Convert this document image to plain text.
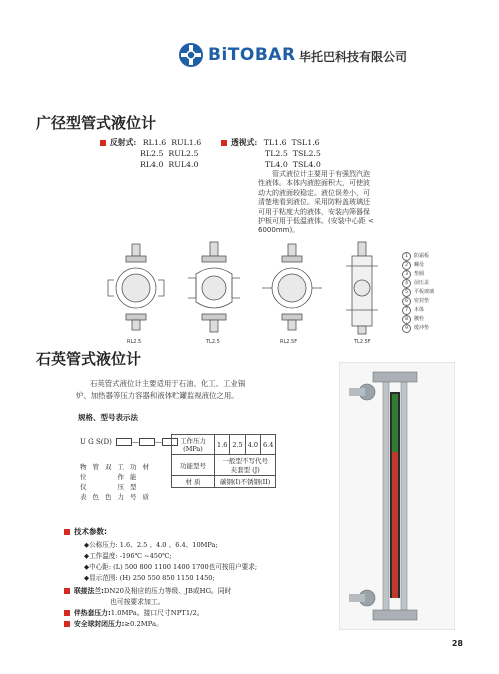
BiTOBAR 毕托巴科技有限公司
广径型管式液位计
反射式: RL1.6 RUL1.6
RL2.5 RUL2.5
RL4.0 RUL4.0
透视式: TL1.6 TSL1.6
TL2.5 TSL2.5
TL4.0 TSL4.0
管式液位计主要用于有强烈汽泡
性液体。本体内液腔面积大，可使波
动大的液面较稳定。液位误差小，可
清楚地看到液位。采用防粉盖玻璃还
可用于粘度大的液体，安装内筛器保
护板可用于低温液体。(安装中心距 <
6000mm)。
RL2.5	TL2.5	RL2.5F	TL2.5F
1 防霜板
2 螺母
3 垫圈
4 前压盖
5 平板玻璃
6 密封垫
7 本体
8 腰栓
9 缓冲垫
石英管式液位计
石英管式液位计主要适用于石油、化工、工业锅
炉、加热器等压力容器和液体贮罐监视液位之用。
规格、型号表示法
U G S(D)	— —
物
位
仪
表
管

色
双

色
工
作
压
力
功
能
型
号
材

质
工作压力 (MPa)	1.6	2.5	4.0	6.4
功能型号	一般型不写代号
夹套型 (J)			

材 质	碳钢(I)不锈钢(II)			
技术参数:
◆公称压力: 1.6、2.5 、4.0 、6.4、10MPa;
◆工作温度: -196℃ ~450℃;
◆中心距: (L) 500 800 1100 1400 1700也可按用户要求;
◆显示范围: (H) 250 550 850 1150 1450;
联接法兰:DN20及相应的压力等级、JB或HG。同时
也可按要求加工。
伴热套压力:1.0MPa。接口尺寸NPT1/2。
安全球封闭压力:≥0.2MPa。
28
